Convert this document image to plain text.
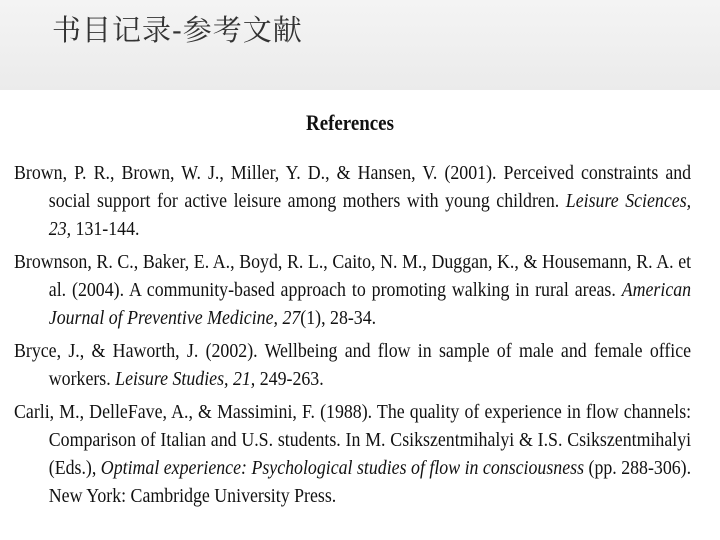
书目记录-参考文献
References
Brown, P. R., Brown, W. J., Miller, Y. D., & Hansen, V. (2001). Perceived constraints and social support for active leisure among mothers with young children. Leisure Sciences, 23, 131-144.
Brownson, R. C., Baker, E. A., Boyd, R. L., Caito, N. M., Duggan, K., & Housemann, R. A. et al. (2004). A community-based approach to promoting walking in rural areas. American Journal of Preventive Medicine, 27(1), 28-34.
Bryce, J., & Haworth, J. (2002). Wellbeing and flow in sample of male and female office workers. Leisure Studies, 21, 249-263.
Carli, M., DelleFave, A., & Massimini, F. (1988). The quality of experience in flow channels: Comparison of Italian and U.S. students. In M. Csikszentmihalyi & I.S. Csikszentmihalyi (Eds.), Optimal experience: Psychological studies of flow in consciousness (pp. 288-306). New York: Cambridge University Press.
